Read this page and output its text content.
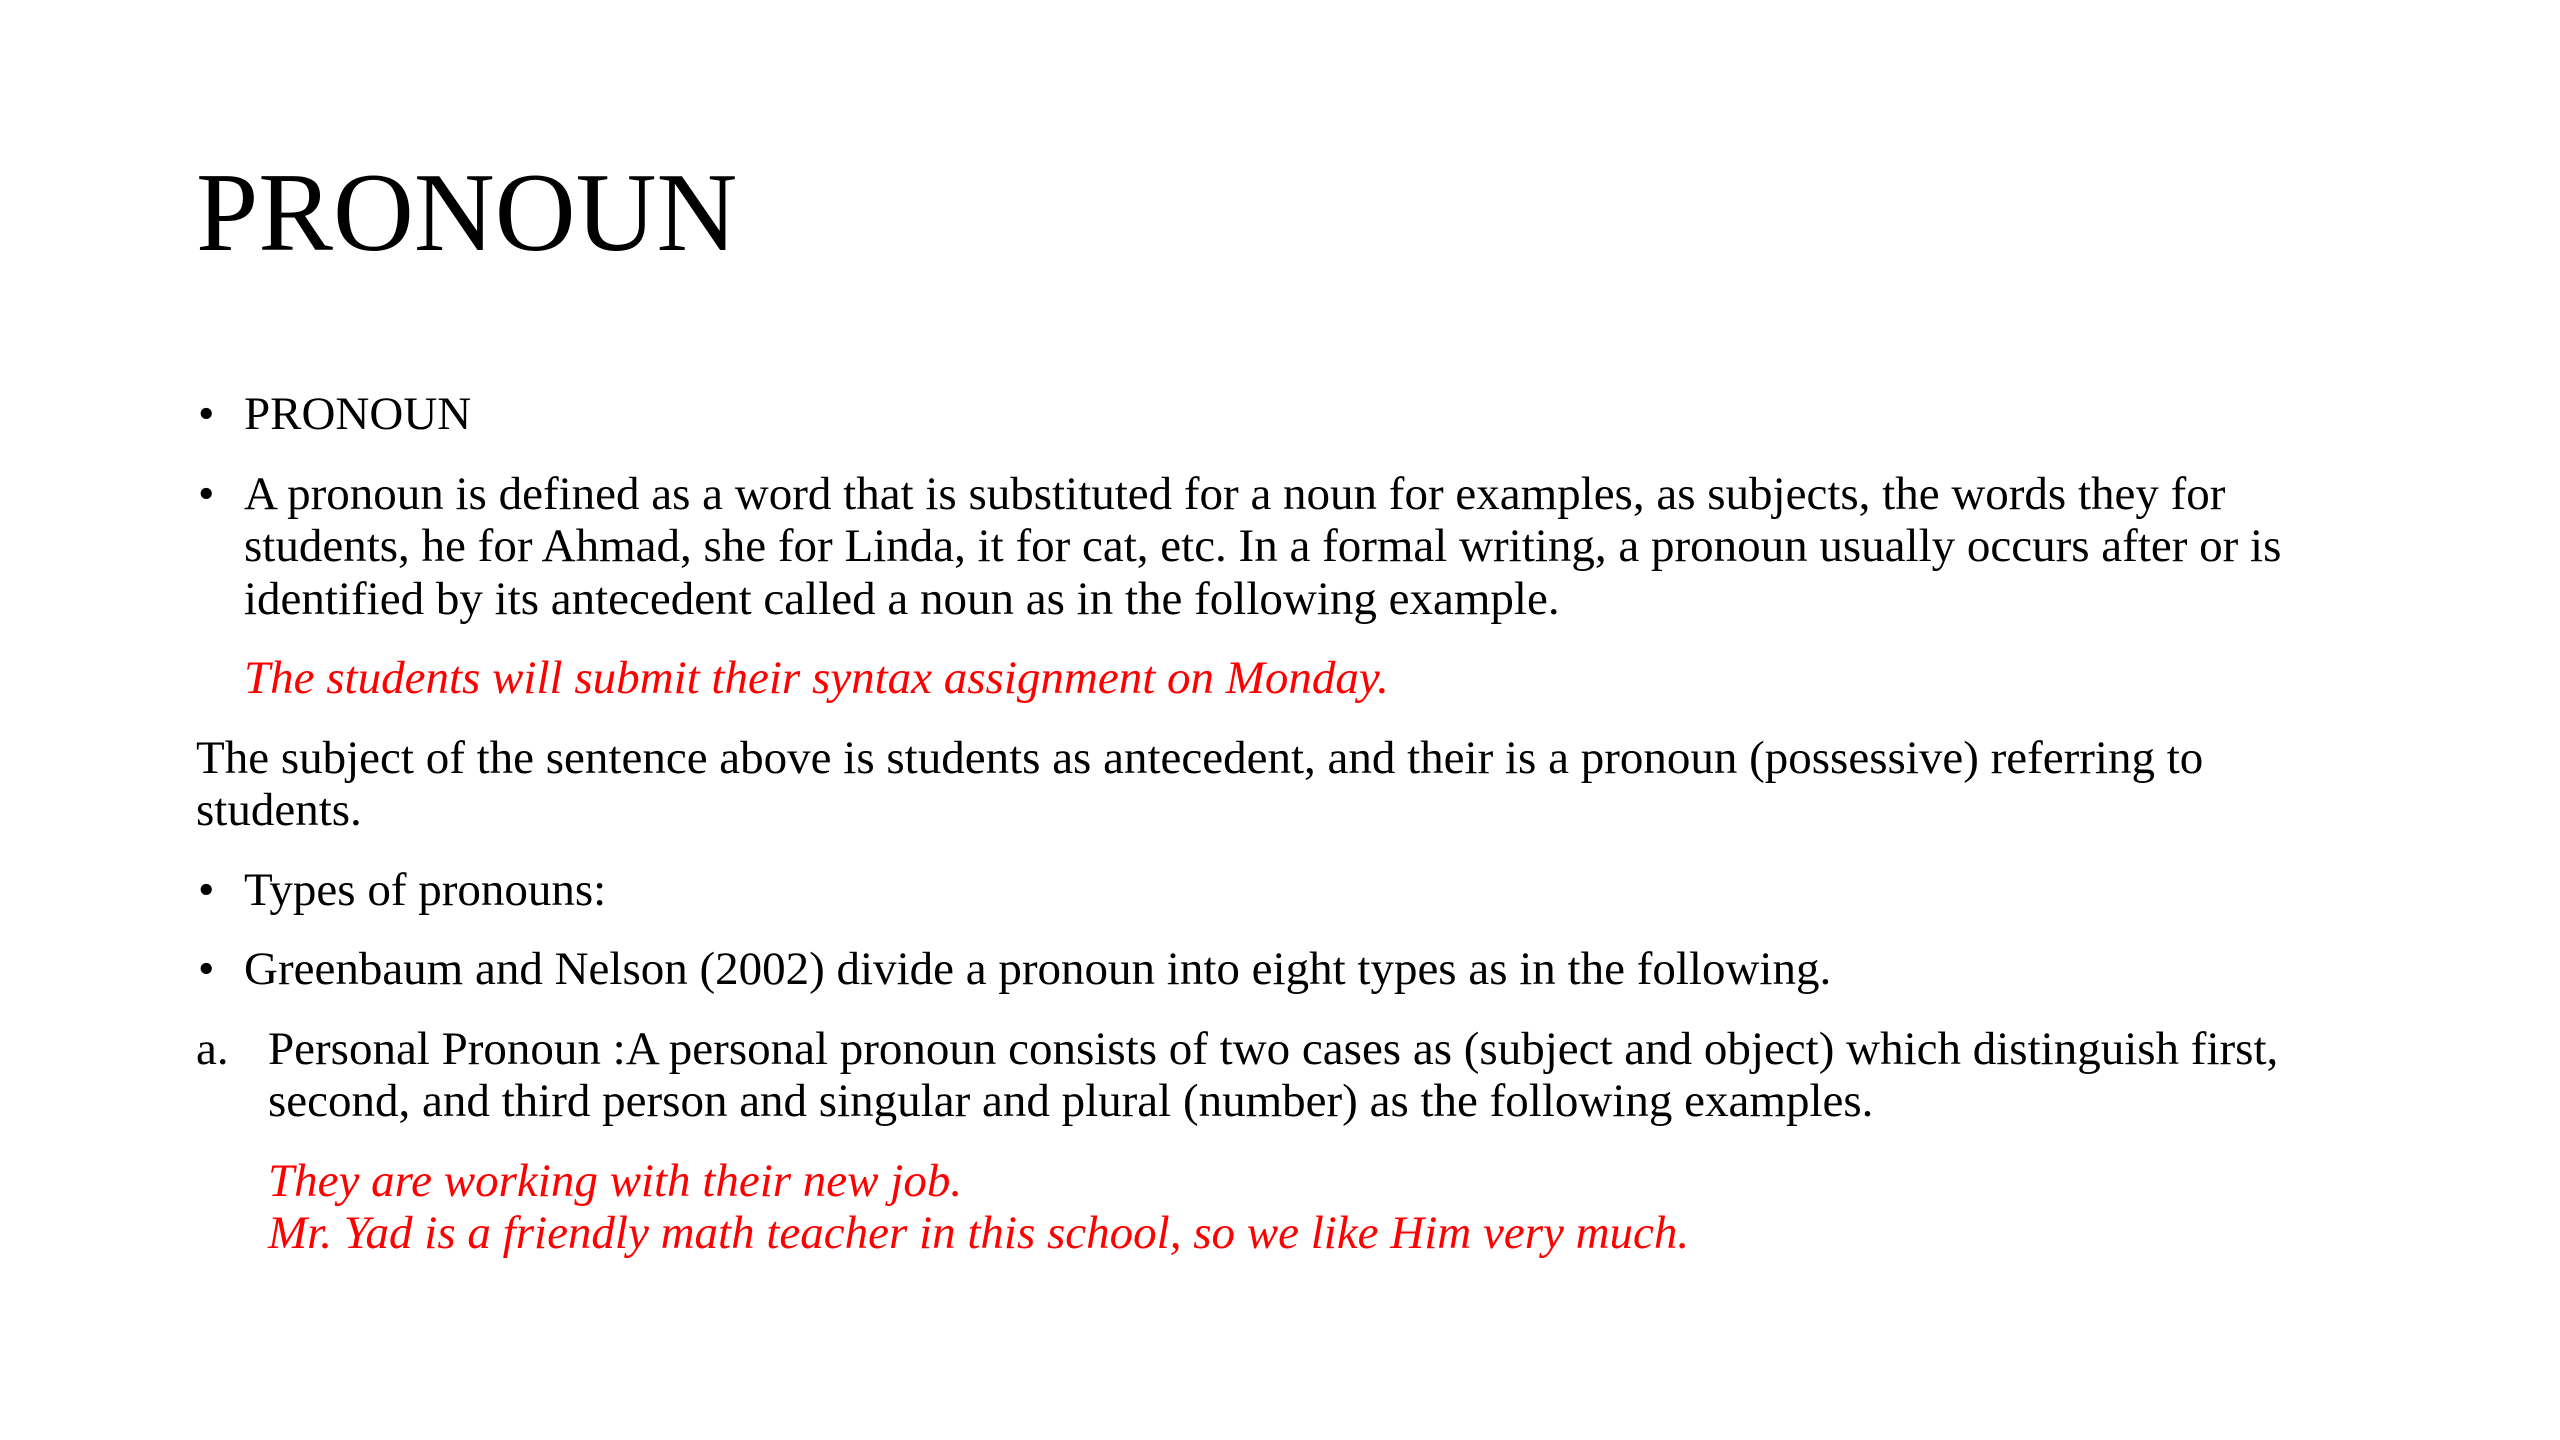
PRONOUN
• PRONOUN
• A pronoun is defined as a word that is substituted for a noun for examples, as subjects, the words they for students, he for Ahmad, she for Linda, it for cat, etc. In a formal writing, a pronoun usually occurs after or is identified by its antecedent called a noun as in the following example.
The students will submit their syntax assignment on Monday.
The subject of the sentence above is students as antecedent, and their is a pronoun (possessive) referring to students.
• Types of pronouns:
• Greenbaum and Nelson (2002) divide a pronoun into eight types as in the following.
a. Personal Pronoun :A personal pronoun consists of two cases as (subject and object) which distinguish first, second, and third person and singular and plural (number) as the following examples.
They are working with their new job.
Mr. Yad is a friendly math teacher in this school, so we like Him very much.
